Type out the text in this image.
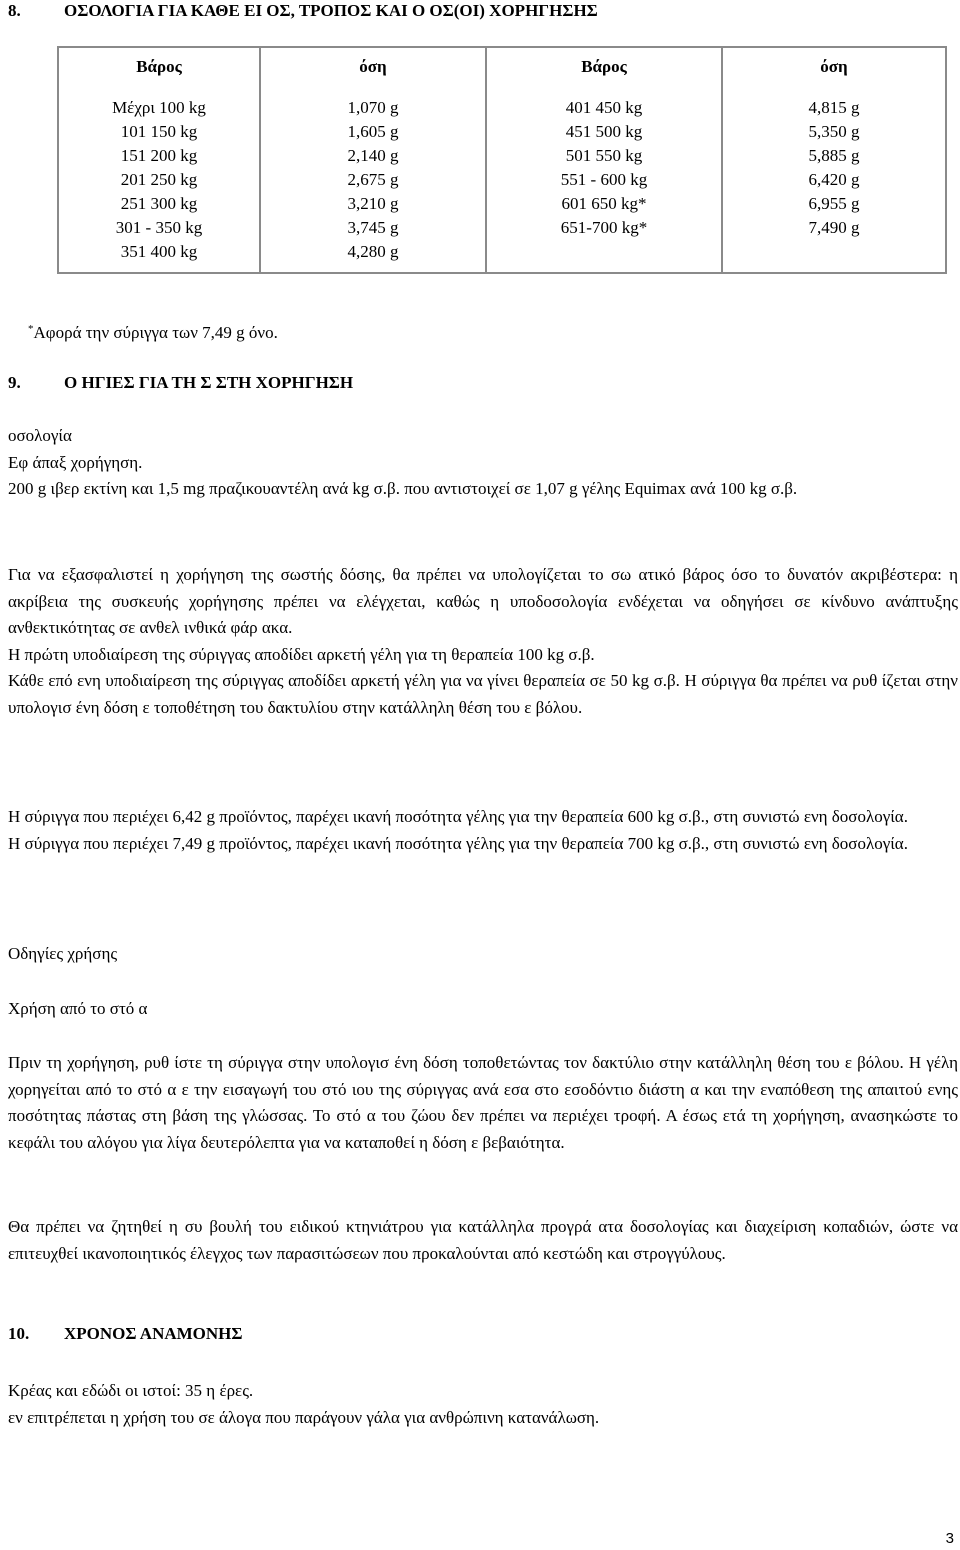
8.	ΟΣΟΛΟΓΙΑ ΓΙΑ ΚΑΘΕ ΕΙ ΟΣ, ΤΡΟΠΟΣ ΚΑΙ Ο ΟΣ(ΟΙ) ΧΟΡΗΓΗΣΗΣ
Βάρος	όση	Βάρος	όση
Μέχρι 100 kg	1,070 g	401 450 kg	4,815 g
101 150 kg	1,605 g	451 500 kg	5,350 g
151 200 kg	2,140 g	501 550 kg	5,885 g
201 250 kg	2,675 g	551 - 600 kg	6,420 g
251 300 kg	3,210 g	601 650 kg*	6,955 g
301 - 350 kg	3,745 g	651-700 kg*	7,490 g
351 400 kg	4,280 g		
*Αφορά την σύριγγα των 7,49 g όνο.
9.	Ο ΗΓΙΕΣ ΓΙΑ ΤΗ Σ ΣΤΗ ΧΟΡΗΓΗΣΗ

οσολογία

Εφ άπαξ χορήγηση.

200 g ιβερ εκτίνη και 1,5 mg πραζικουαντέλη ανά kg σ.β. που αντιστοιχεί σε 1,07 g γέλης Equimax ανά 100 kg σ.β.

Για να εξασφαλιστεί η χορήγηση της σωστής δόσης, θα πρέπει να υπολογίζεται το σω ατικό βάρος όσο το δυνατόν ακριβέστερα: η ακρίβεια της συσκευής χορήγησης πρέπει να ελέγχεται, καθώς η υποδοσολογία ενδέχεται να οδηγήσει σε κίνδυνο ανάπτυξης ανθεκτικότητας σε ανθελ ινθικά φάρ ακα.

Η πρώτη υποδιαίρεση της σύριγγας αποδίδει αρκετή γέλη για τη θεραπεία 100 kg σ.β.

Κάθε επό ενη υποδιαίρεση της σύριγγας αποδίδει αρκετή γέλη για να γίνει θεραπεία σε 50 kg σ.β. Η σύριγγα θα πρέπει να ρυθ ίζεται στην υπολογισ ένη δόση ε τοποθέτηση του δακτυλίου στην κατάλληλη θέση του ε βόλου.

Η σύριγγα που περιέχει 6,42 g προϊόντος, παρέχει ικανή ποσότητα γέλης για την θεραπεία 600 kg σ.β., στη συνιστώ ενη δοσολογία.

Η σύριγγα που περιέχει 7,49 g προϊόντος, παρέχει ικανή ποσότητα γέλης για την θεραπεία 700 kg σ.β., στη συνιστώ ενη δοσολογία.

Οδηγίες χρήσης
Χρήση από το στό α
Πριν τη χορήγηση, ρυθ ίστε τη σύριγγα στην υπολογισ ένη δόση τοποθετώντας τον δακτύλιο στην κατάλληλη θέση του ε βόλου. Η γέλη χορηγείται από το στό α ε την εισαγωγή του στό ιου της σύριγγας ανά εσα στο εσοδόντιο διάστη α και την εναπόθεση της απαιτού ενης ποσότητας πάστας στη βάση της γλώσσας. Το στό α του ζώου δεν πρέπει να περιέχει τροφή. Α έσως ετά τη χορήγηση, ανασηκώστε το κεφάλι του αλόγου για λίγα δευτερόλεπτα για να καταποθεί η δόση ε βεβαιότητα.
Θα πρέπει να ζητηθεί η συ βουλή του ειδικού κτηνιάτρου για κατάλληλα προγρά ατα δοσολογίας και διαχείριση κοπαδιών, ώστε να επιτευχθεί ικανοποιητικός έλεγχος των παρασιτώσεων που προκαλούνται από κεστώδη και στρογγύλους.
10. ΧΡΟΝΟΣ ΑΝΑΜΟΝΗΣ

Κρέας και εδώδι οι ιστοί: 35 η έρες.

εν επιτρέπεται η χρήση του σε άλογα που παράγουν γάλα για ανθρώπινη κατανάλωση.

3
